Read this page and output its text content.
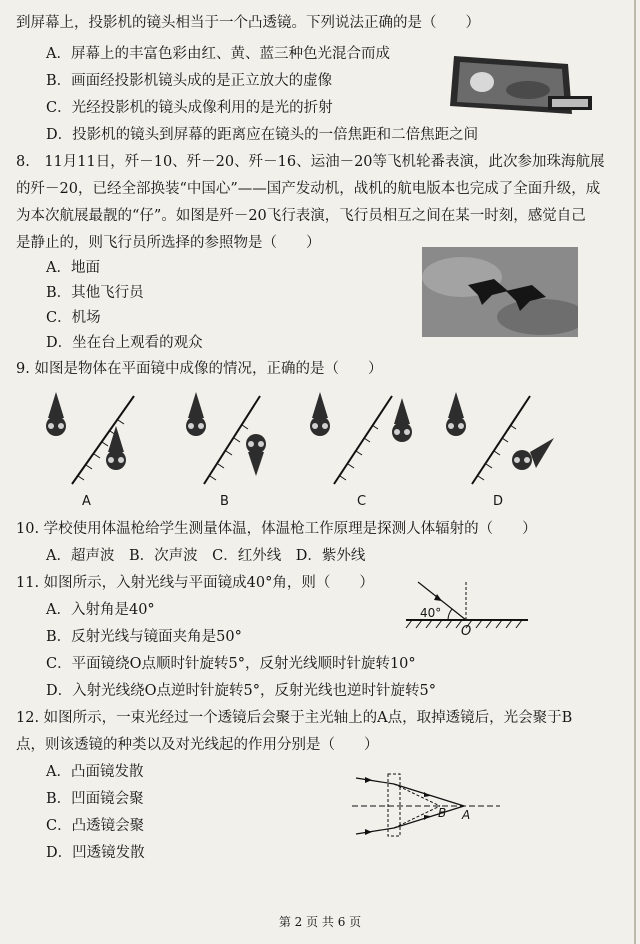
到屏幕上，投影机的镜头相当于一个凸透镜。下列说法正确的是（　　）
A．屏幕上的丰富色彩由红、黄、蓝三种色光混合而成
B．画面经投影机镜头成的是正立放大的虚像
C．光经投影机的镜头成像利用的是光的折射
D．投影机的镜头到屏幕的距离应在镜头的一倍焦距和二倍焦距之间
8.　11月11日，歼－10、歼－20、歼－16、运油－20等飞机轮番表演，此次参加珠海航展
的歼－20，已经全部换装“中国心”——国产发动机，战机的航电版本也完成了全面升级，成
为本次航展最靓的“仔”。如图是歼－20飞行表演，飞行员相互之间在某一时刻，感觉自己
是静止的，则飞行员所选择的参照物是（　　）
A．地面
B．其他飞行员
C．机场
D．坐在台上观看的观众
9. 如图是物体在平面镜中成像的情况，正确的是（　　）
A	B	C	D
10. 学校使用体温枪给学生测量体温，体温枪工作原理是探测人体辐射的（　　）
A．超声波　B．次声波　C．红外线　D．紫外线
11. 如图所示，入射光线与平面镜成40°角，则（　　）
A．入射角是40°
B．反射光线与镜面夹角是50°
C．平面镜绕O点顺时针旋转5°，反射光线顺时针旋转10°
D．入射光线绕O点逆时针旋转5°，反射光线也逆时针旋转5°
40°
O
12. 如图所示，一束光经过一个透镜后会聚于主光轴上的A点，取掉透镜后，光会聚于B
点，则该透镜的种类以及对光线起的作用分别是（　　）
A．凸面镜发散
B．凹面镜会聚
C．凸透镜会聚
D．凹透镜发散
B A
第 2 页 共 6 页
